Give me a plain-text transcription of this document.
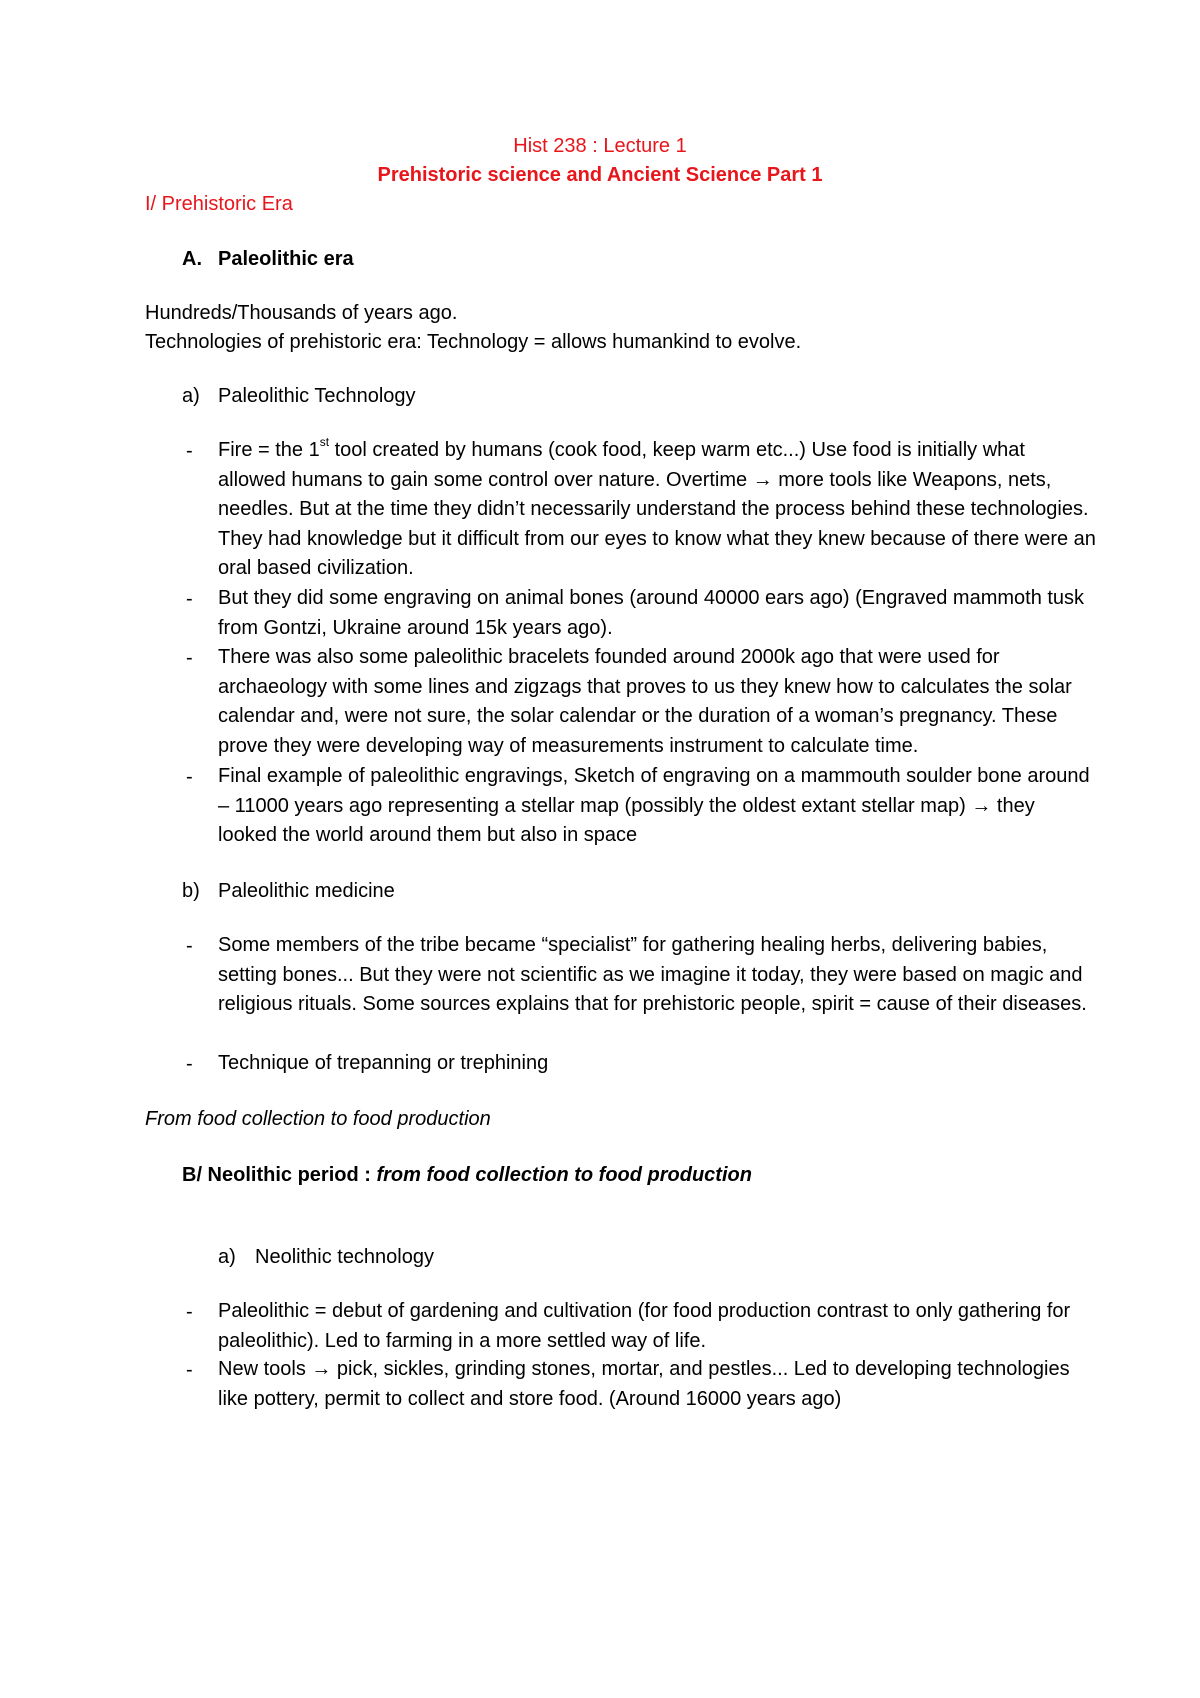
Hist 238 : Lecture 1
Prehistoric science and Ancient Science Part 1
I/ Prehistoric Era
A. Paleolithic era
Hundreds/Thousands of years ago.
Technologies of prehistoric era: Technology = allows humankind to evolve.
a) Paleolithic Technology
- Fire = the 1st tool created by humans (cook food, keep warm etc...) Use food is initially what allowed humans to gain some control over nature. Overtime → more tools like Weapons, nets, needles. But at the time they didn’t necessarily understand the process behind these technologies. They had knowledge but it difficult from our eyes to know what they knew because of there were an oral based civilization.
- But they did some engraving on animal bones (around 40000 ears ago) (Engraved mammoth tusk from Gontzi, Ukraine around 15k years ago).
- There was also some paleolithic bracelets founded around 2000k ago that were used for archaeology with some lines and zigzags that proves to us they knew how to calculates the solar calendar and, were not sure, the solar calendar or the duration of a woman’s pregnancy. These prove they were developing way of measurements instrument to calculate time.
- Final example of paleolithic engravings, Sketch of engraving on a mammouth soulder bone around – 11000 years ago representing a stellar map (possibly the oldest extant stellar map) → they looked the world around them but also in space
b) Paleolithic medicine
- Some members of the tribe became “specialist” for gathering healing herbs, delivering babies, setting bones... But they were not scientific as we imagine it today, they were based on magic and religious rituals. Some sources explains that for prehistoric people, spirit = cause of their diseases.
- Technique of trepanning or trephining
From food collection to food production
B/ Neolithic period : from food collection to food production
a) Neolithic technology
- Paleolithic = debut of gardening and cultivation (for food production contrast to only gathering for paleolithic). Led to farming in a more settled way of life.
- New tools → pick, sickles, grinding stones, mortar, and pestles... Led to developing technologies like pottery, permit to collect and store food. (Around 16000 years ago)
